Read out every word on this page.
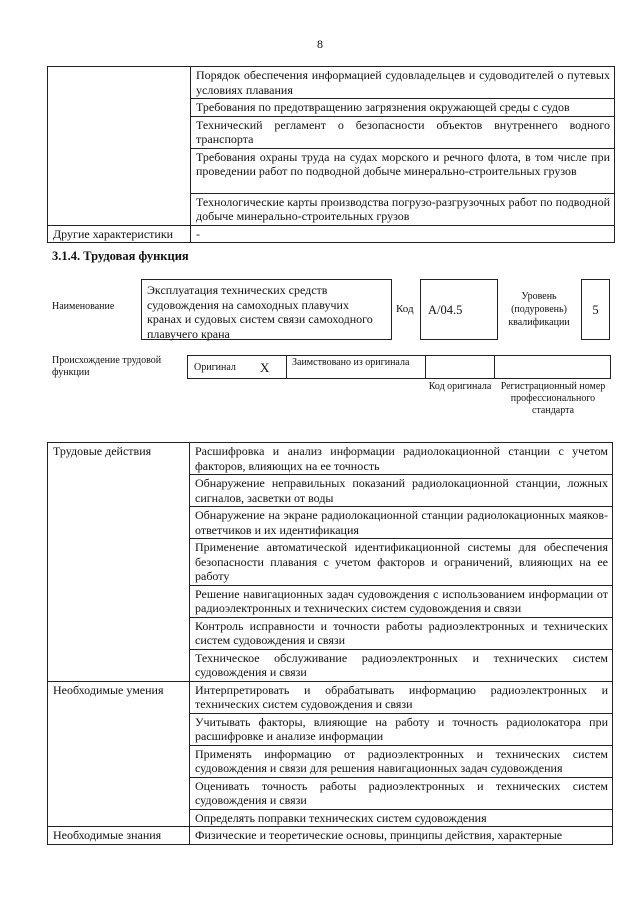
8
	Порядок обеспечения информацией судовладельцев и судоводителей о путевых условиях плавания
	Требования по предотвращению загрязнения окружающей среды с судов
	Технический регламент о безопасности объектов внутреннего водного транспорта
	Требования охраны труда на судах морского и речного флота, в том числе при проведении работ по подводной добыче минерально-строительных грузов
	Технологические карты производства погрузо-разгрузочных работ по подводной добыче минерально-строительных грузов
Другие характеристики	-
3.1.4. Трудовая функция
Наименование
Эксплуатация технических средств судовождения на самоходных плавучих кранах и судовых систем связи самоходного плавучего крана
Код	А/04.5
Уровень (подуровень) квалификации
5
Происхождение трудовой функции	Оригинал X Заимствовано из оригинала
Код оригинала Регистрационный номер профессионального стандарта
Трудовые действия	Расшифровка и анализ информации радиолокационной станции с учетом факторов, влияющих на ее точность
	Обнаружение неправильных показаний радиолокационной станции, ложных сигналов, засветки от воды
	Обнаружение на экране радиолокационной станции радиолокационных маяков-ответчиков и их идентификация
	Применение автоматической идентификационной системы для обеспечения безопасности плавания с учетом факторов и ограничений, влияющих на ее работу
	Решение навигационных задач судовождения с использованием информации от радиоэлектронных и технических систем судовождения и связи
	Контроль исправности и точности работы радиоэлектронных и технических систем судовождения и связи
	Техническое обслуживание радиоэлектронных и технических систем судовождения и связи
Необходимые умения	Интерпретировать и обрабатывать информацию радиоэлектронных и технических систем судовождения и связи
	Учитывать факторы, влияющие на работу и точность радиолокатора при расшифровке и анализе информации
	Применять информацию от радиоэлектронных и технических систем судовождения и связи для решения навигационных задач судовождения
	Оценивать точность работы радиоэлектронных и технических систем судовождения и связи
	Определять поправки технических систем судовождения
Необходимые знания	Физические и теоретические основы, принципы действия, характерные
